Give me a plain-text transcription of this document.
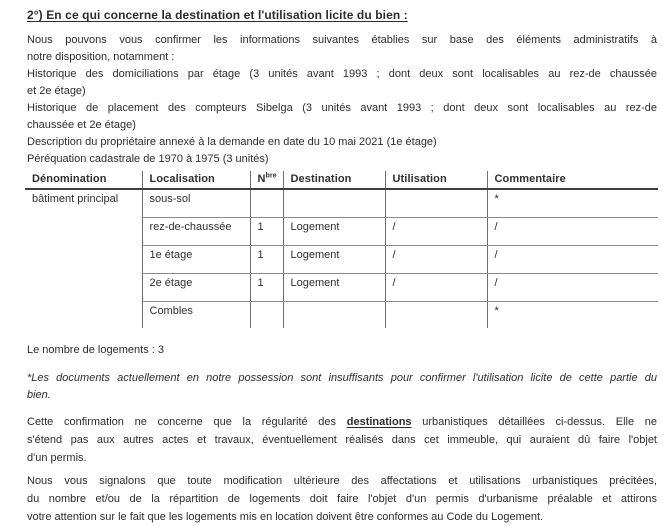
2°) En ce qui concerne la destination et l'utilisation licite du bien :
Nous pouvons vous confirmer les informations suivantes établies sur base des éléments administratifs à
notre disposition, notamment :
Historique des domiciliations par étage (3 unités avant 1993 ; dont deux sont localisables au rez-de chaussée
et 2e étage)
Historique de placement des compteurs Sibelga (3 unités avant 1993 ; dont deux sont localisables au rez-de
chaussée et 2e étage)
Description du propriétaire annexé à la demande en date du 10 mai 2021 (1e étage)
Péréquation cadastrale de 1970 à 1975 (3 unités)
Dénomination	Localisation	$N^{bre}$	Destination	Utilisation	Commentaire
bâtiment principal	sous-sol				*
	rez-de-chaussée	1	Logement	/	/
	1e étage	1	Logement	/	/
	2e étage	1	Logement	/	/
	Combles				*
Le nombre de logements : 3
*Les documents actuellement en notre possession sont insuffisants pour confirmer l'utilisation licite de cette partie du
bien.
Cette confirmation ne concerne que la régularité des destinations urbanistiques détaillées ci-dessus. Elle ne
s'étend pas aux autres actes et travaux, éventuellement réalisés dans cet immeuble, qui auraient dû faire l'objet
d'un permis.
Nous vous signalons que toute modification ultérieure des affectations et utilisations urbanistiques précitées,
du nombre et/ou de la répartition de logements doit faire l'objet d'un permis d'urbanisme préalable et attirons
votre attention sur le fait que les logements mis en location doivent être conformes au Code du Logement.
